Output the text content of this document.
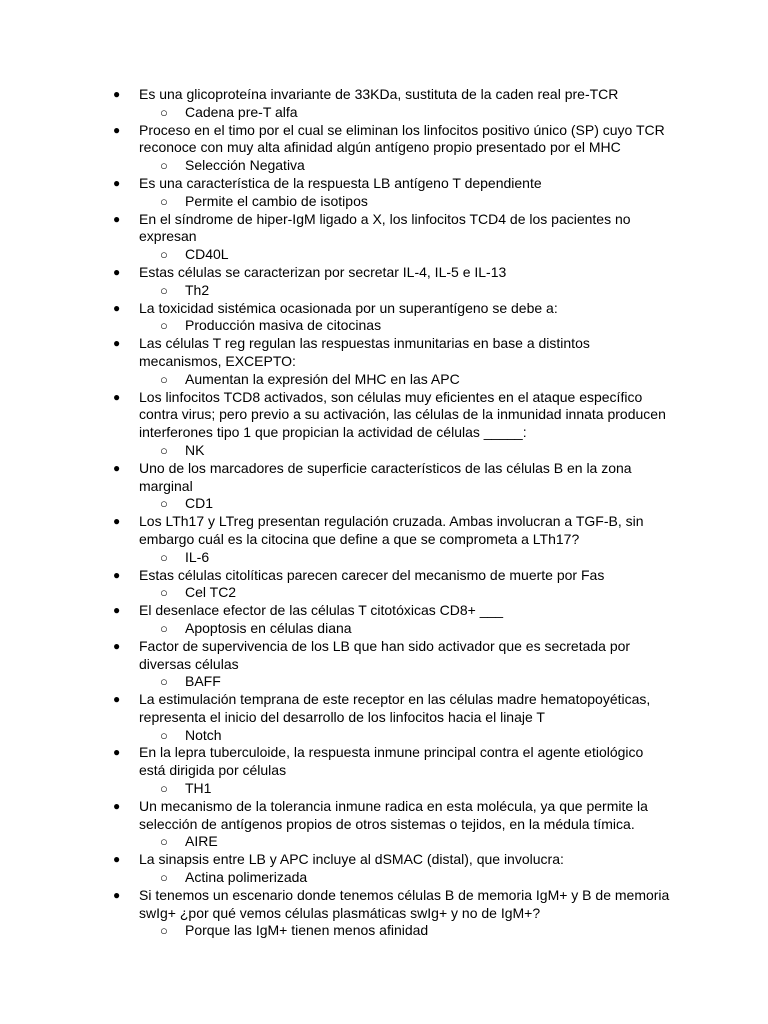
● Es una glicoproteína invariante de 33KDa, sustituta de la caden real pre-TCR
○ Cadena pre-T alfa
● Proceso en el timo por el cual se eliminan los linfocitos positivo único (SP) cuyo TCR reconoce con muy alta afinidad algún antígeno propio presentado por el MHC
○ Selección Negativa
● Es una característica de la respuesta LB antígeno T dependiente
○ Permite el cambio de isotipos
● En el síndrome de hiper-IgM ligado a X, los linfocitos TCD4 de los pacientes no expresan
○ CD40L
● Estas células se caracterizan por secretar IL-4, IL-5 e IL-13
○ Th2
● La toxicidad sistémica ocasionada por un superantígeno se debe a:
○ Producción masiva de citocinas
● Las células T reg regulan las respuestas inmunitarias en base a distintos mecanismos, EXCEPTO:
○ Aumentan la expresión del MHC en las APC
● Los linfocitos TCD8 activados, son células muy eficientes en el ataque específico contra virus; pero previo a su activación, las células de la inmunidad innata producen interferones tipo 1 que propician la actividad de células _____:
○ NK
● Uno de los marcadores de superficie característicos de las células B en la zona marginal
○ CD1
● Los LTh17 y LTreg presentan regulación cruzada. Ambas involucran a TGF-B, sin embargo cuál es la citocina que define a que se comprometa a LTh17?
○ IL-6
● Estas células citolíticas parecen carecer del mecanismo de muerte por Fas
○ Cel TC2
● El desenlace efector de las células T citotóxicas CD8+ ___
○ Apoptosis en células diana
● Factor de supervivencia de los LB que han sido activador que es secretada por diversas células
○ BAFF
● La estimulación temprana de este receptor en las células madre hematopoyéticas, representa el inicio del desarrollo de los linfocitos hacia el linaje T
○ Notch
● En la lepra tuberculoide, la respuesta inmune principal contra el agente etiológico está dirigida por células
○ TH1
● Un mecanismo de la tolerancia inmune radica en esta molécula, ya que permite la selección de antígenos propios de otros sistemas o tejidos, en la médula tímica.
○ AIRE
● La sinapsis entre LB y APC incluye al dSMAC (distal), que involucra:
○ Actina polimerizada
● Si tenemos un escenario donde tenemos células B de memoria IgM+ y B de memoria swIg+ ¿por qué vemos células plasmáticas swIg+ y no de IgM+?
○ Porque las IgM+ tienen menos afinidad
